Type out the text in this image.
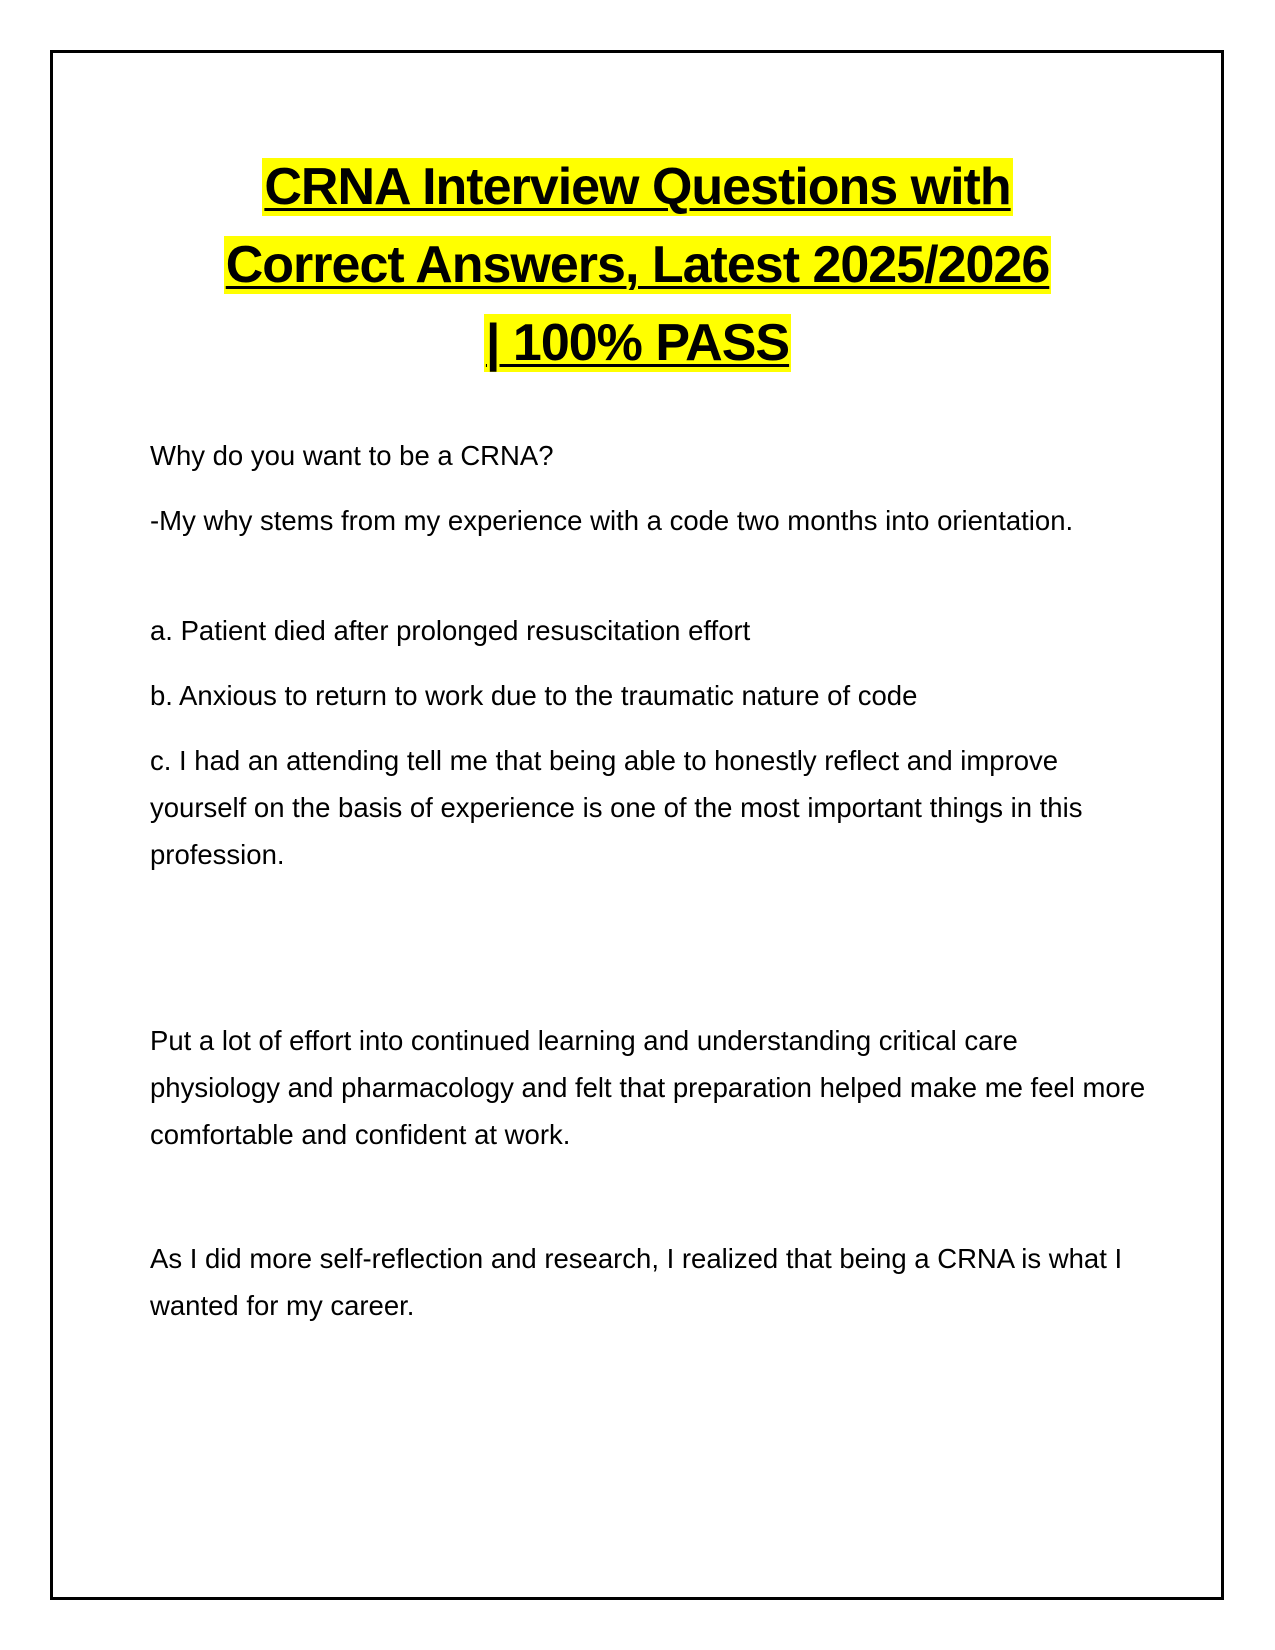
CRNA Interview Questions with
Correct Answers, Latest 2025/2026
| 100% PASS

Why do you want to be a CRNA?

-My why stems from my experience with a code two months into orientation.

a. Patient died after prolonged resuscitation effort

b. Anxious to return to work due to the traumatic nature of code

c. I had an attending tell me that being able to honestly reflect and improve yourself on the basis of experience is one of the most important things in this profession.

Put a lot of effort into continued learning and understanding critical care physiology and pharmacology and felt that preparation helped make me feel more comfortable and confident at work.

As I did more self-reflection and research, I realized that being a CRNA is what I wanted for my career.
